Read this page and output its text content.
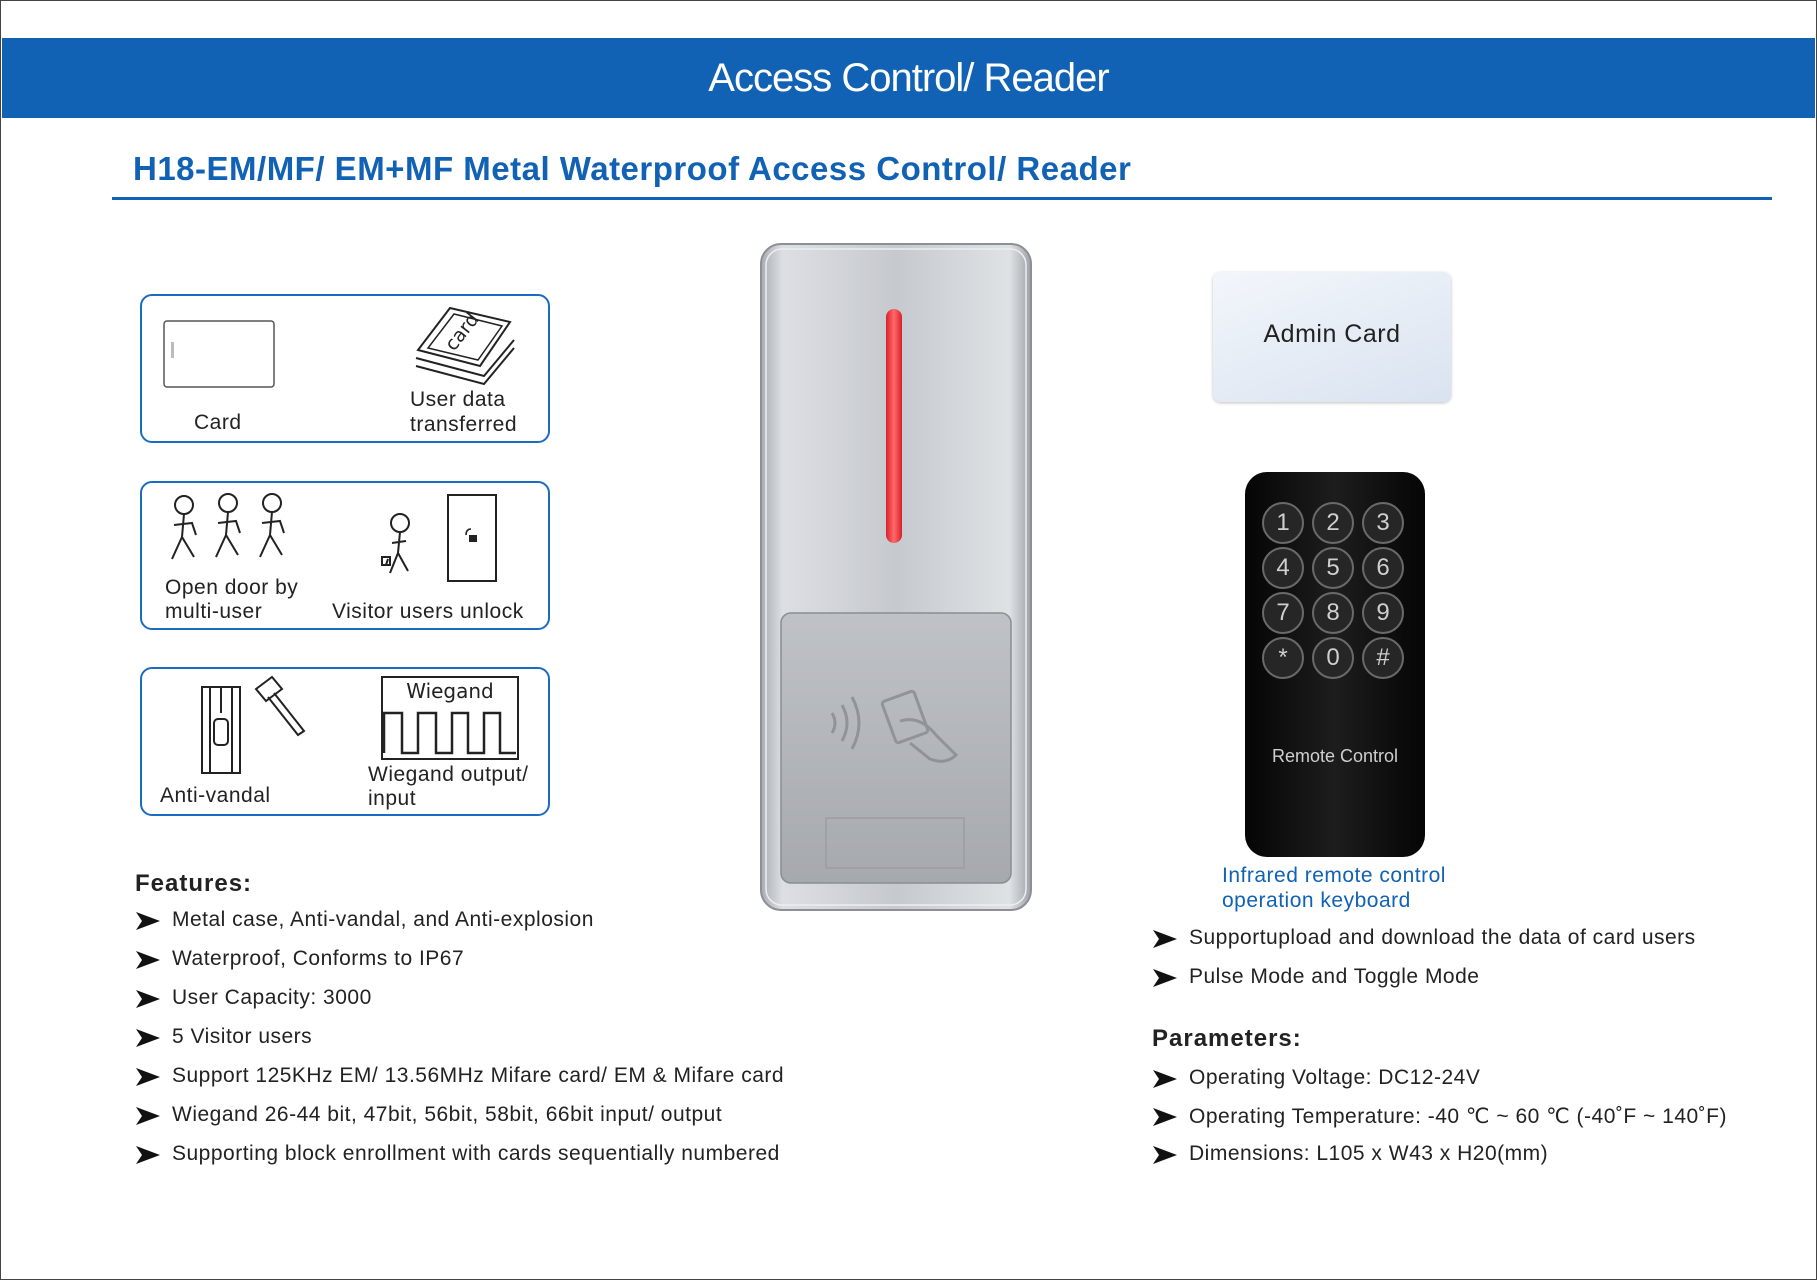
Access Control/ Reader
H18-EM/MF/ EM+MF Metal Waterproof Access Control/ Reader
Card
card
User data
transferred
Open door by
multi-user	Visitor users unlock
Anti-vandal
Wiegand
Wiegand output/
input
Features:
Metal case, Anti-vandal, and Anti-explosion
Waterproof, Conforms to IP67
User Capacity: 3000
5 Visitor users
Support 125KHz EM/ 13.56MHz Mifare card/ EM & Mifare card
Wiegand 26-44 bit, 47bit, 56bit, 58bit, 66bit input/ output
Supporting block enrollment with cards sequentially numbered
Admin Card
1	2	3
4	5	6
7	8	9
*	0	#
Remote Control
Infrared remote control
operation keyboard
Supportupload and download the data of card users
Pulse Mode and Toggle Mode
Parameters:
Operating Voltage: DC12-24V
Operating Temperature: -40 ℃ ~ 60 ℃ (-40˚F ~ 140˚F)
Dimensions: L105 x W43 x H20(mm)
